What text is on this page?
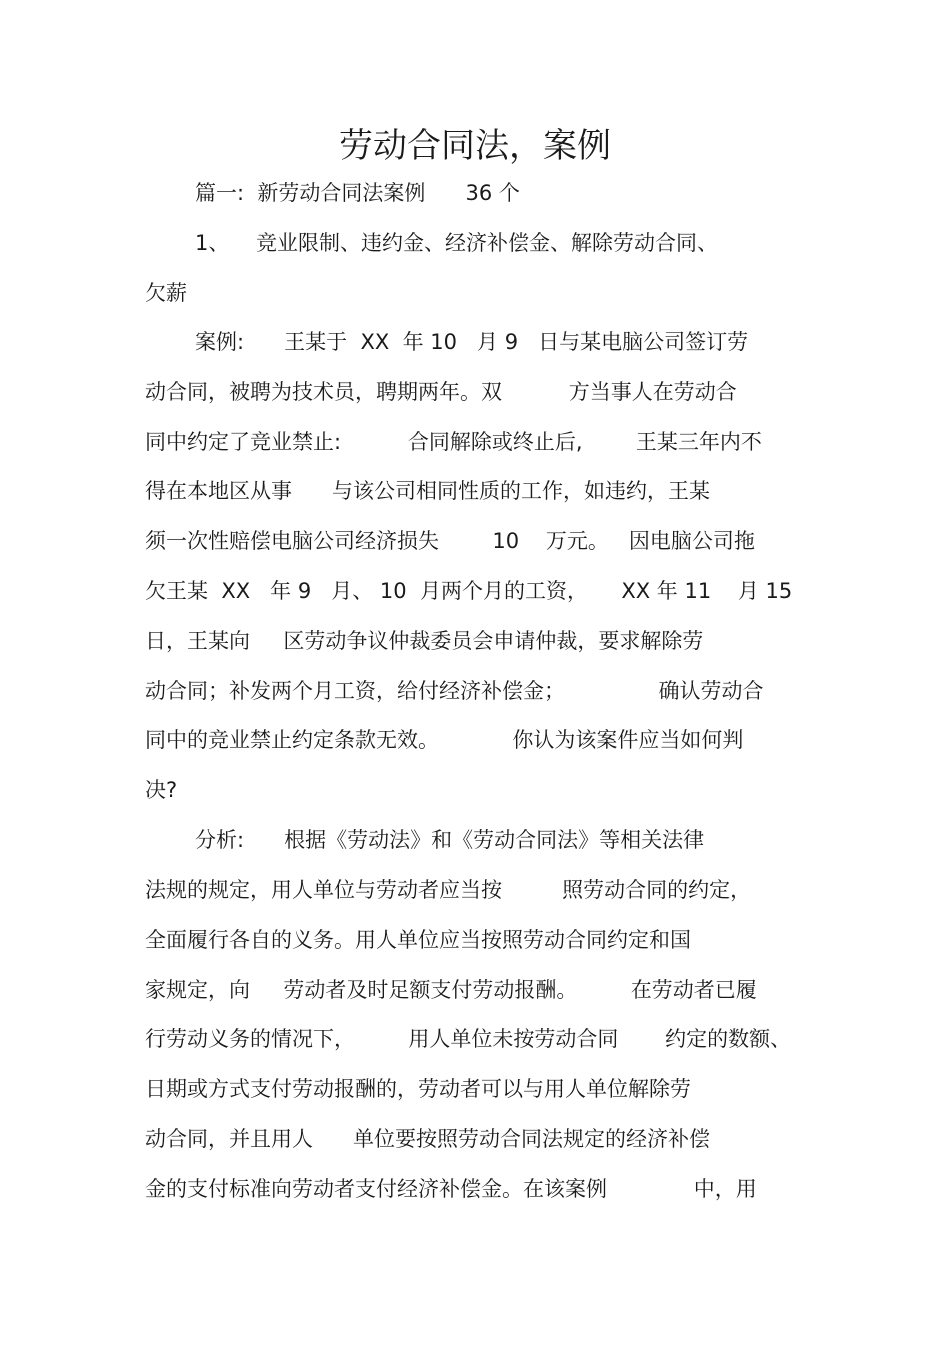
劳动合同法，案例
篇一:  新劳动合同法案例      36 个
1、    竞业限制、违约金、经济补偿金、解除劳动合同、
欠薪
案例:      王某于  XX  年 10   月 9   日与某电脑公司签订劳
动合同，被聘为技术员，聘期两年。双          方当事人在劳动合
同中约定了竞业禁止:          合同解除或终止后,        王某三年内不
得在本地区从事      与该公司相同性质的工作，如违约，王某
须一次性赔偿电脑公司经济损失        10    万元。   因电脑公司拖
欠王某  XX   年 9   月、 10  月两个月的工资，     XX 年 11    月 15
日，王某向     区劳动争议仲裁委员会申请仲裁，要求解除劳
动合同；补发两个月工资，给付经济补偿金；              确认劳动合
同中的竞业禁止约定条款无效。           你认为该案件应当如何判
决?
分析:      根据《劳动法》和《劳动合同法》等相关法律
法规的规定，用人单位与劳动者应当按         照劳动合同的约定，
全面履行各自的义务。用人单位应当按照劳动合同约定和国
家规定，向     劳动者及时足额支付劳动报酬。        在劳动者已履
行劳动义务的情况下，        用人单位未按劳动合同       约定的数额、
日期或方式支付劳动报酬的，劳动者可以与用人单位解除劳
动合同，并且用人      单位要按照劳动合同法规定的经济补偿
金的支付标准向劳动者支付经济补偿金。在该案例             中，用
